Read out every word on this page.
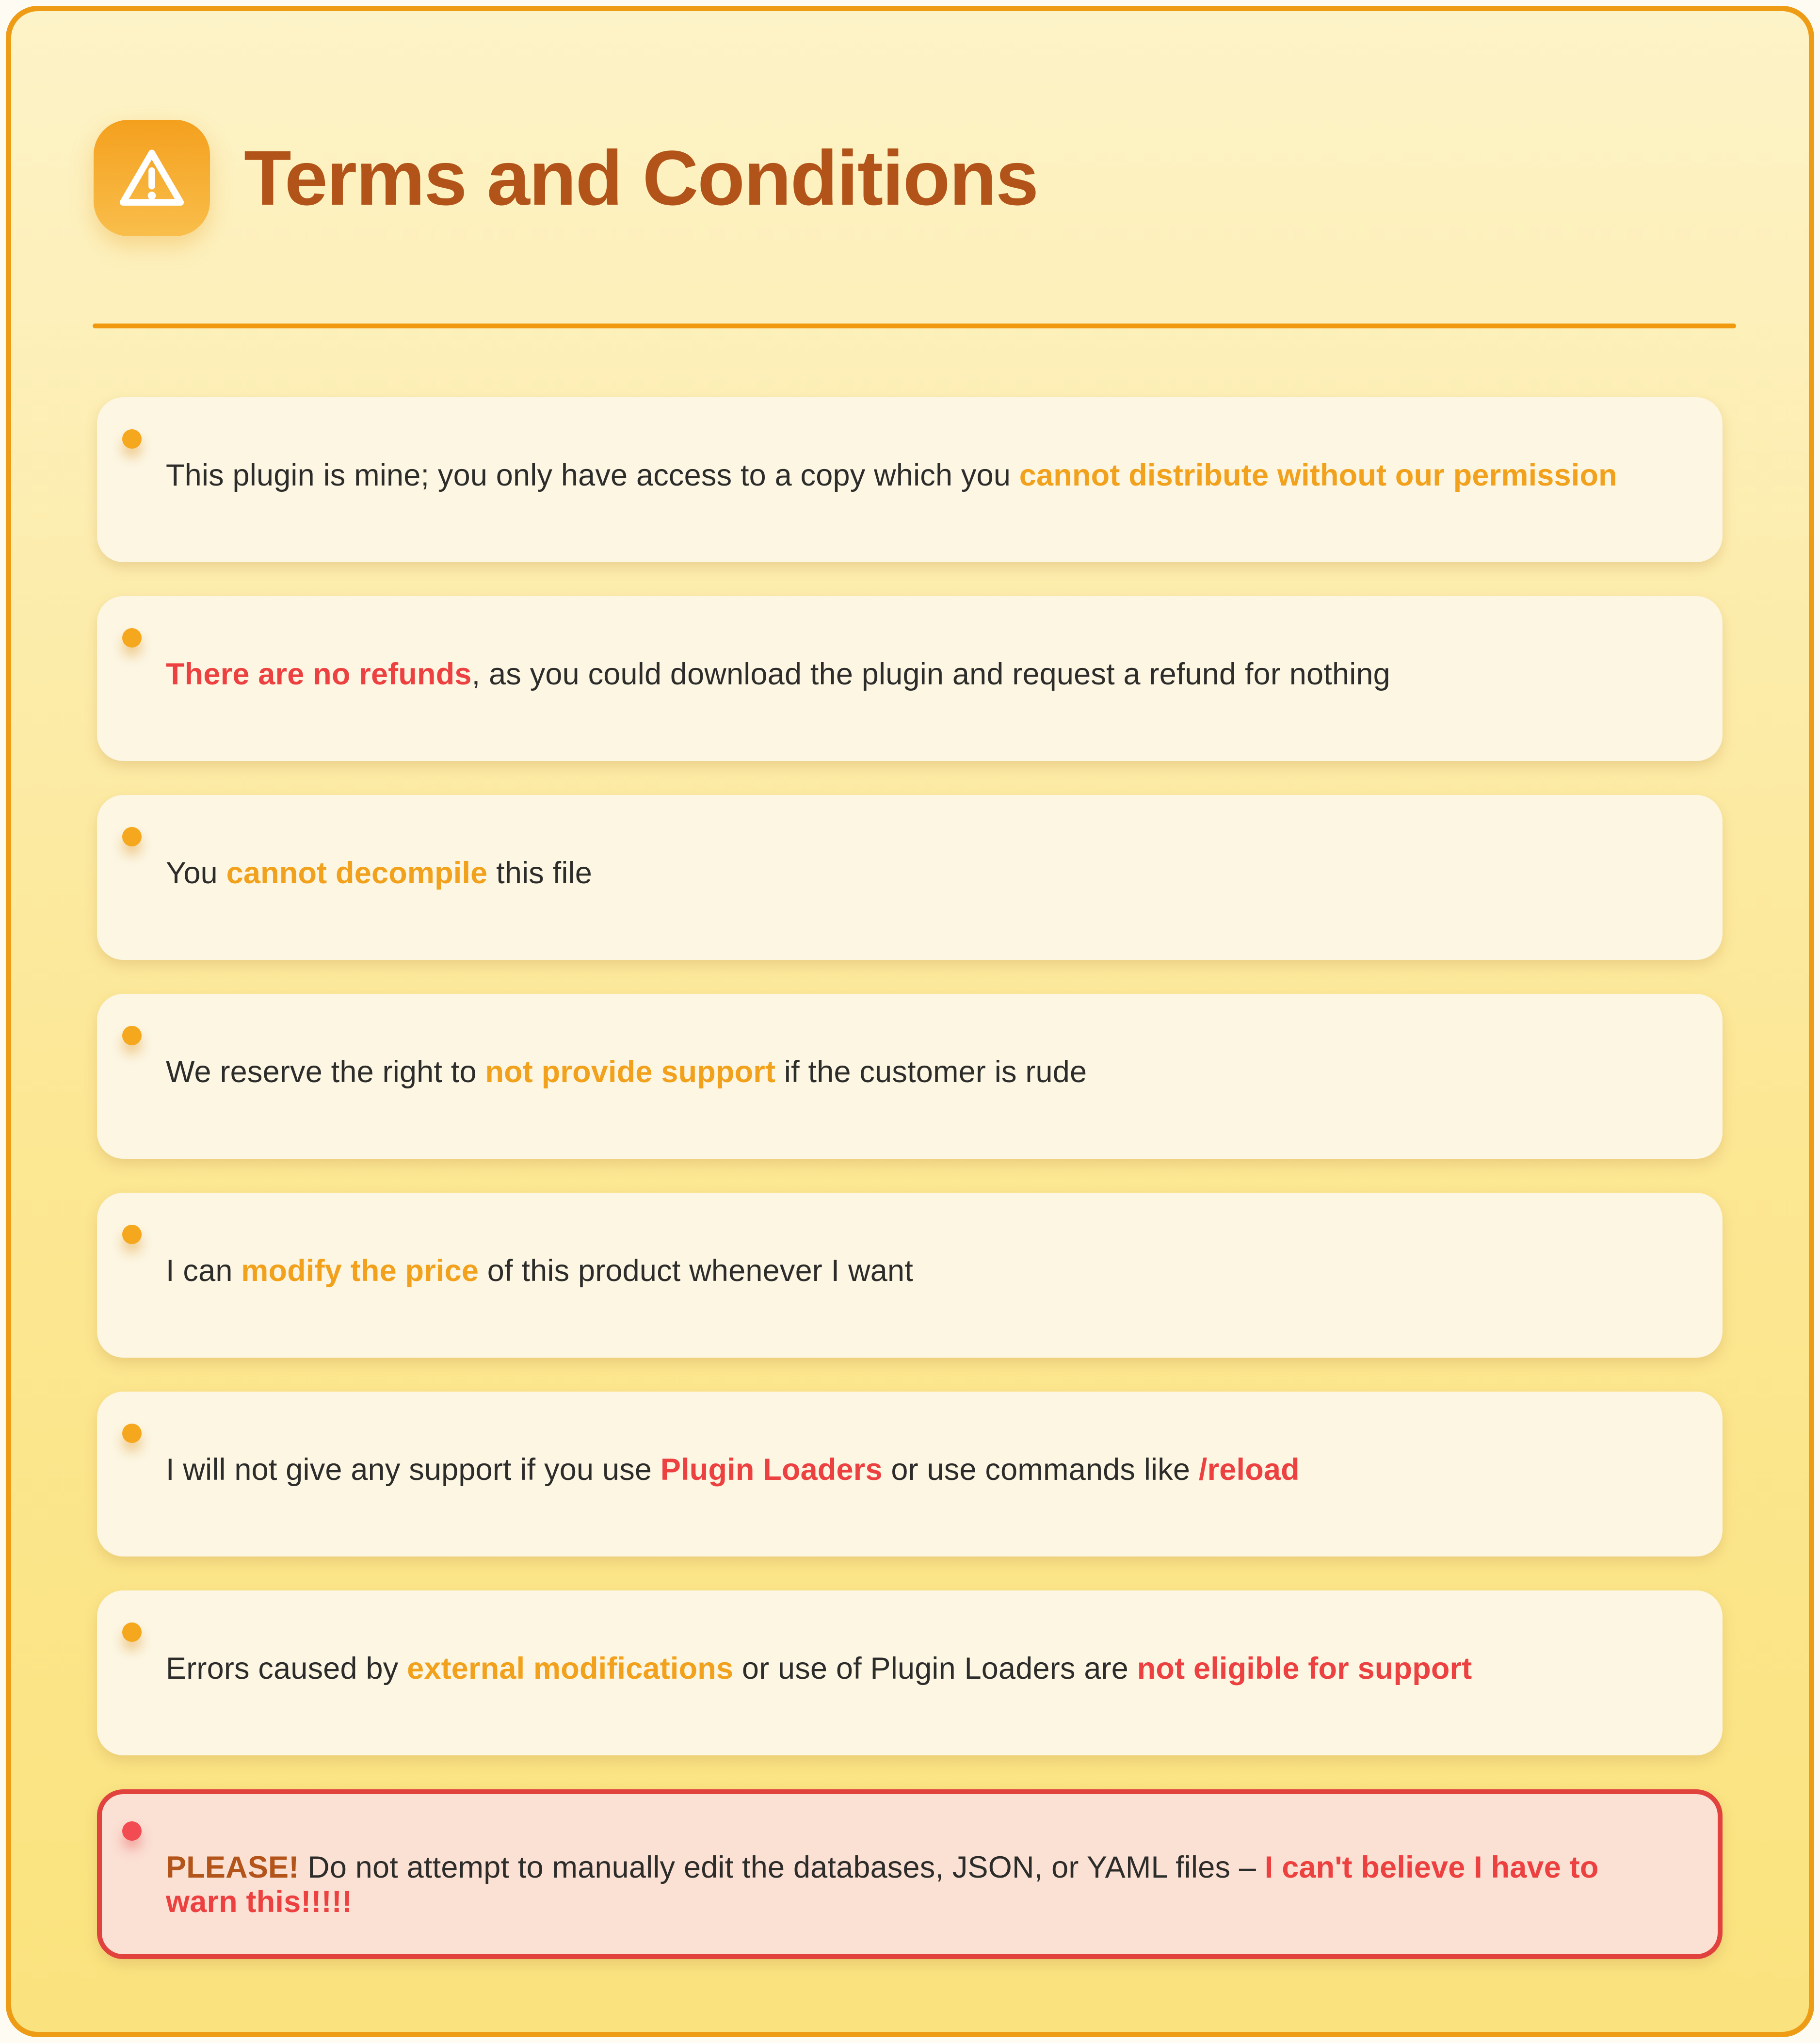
Terms and Conditions

This plugin is mine; you only have access to a copy which you cannot distribute without our permission

There are no refunds, as you could download the plugin and request a refund for nothing

You cannot decompile this file

We reserve the right to not provide support if the customer is rude

I can modify the price of this product whenever I want

I will not give any support if you use Plugin Loaders or use commands like /reload

Errors caused by external modifications or use of Plugin Loaders are not eligible for support

PLEASE! Do not attempt to manually edit the databases, JSON, or YAML files – I can't believe I have to warn this!!!!!
